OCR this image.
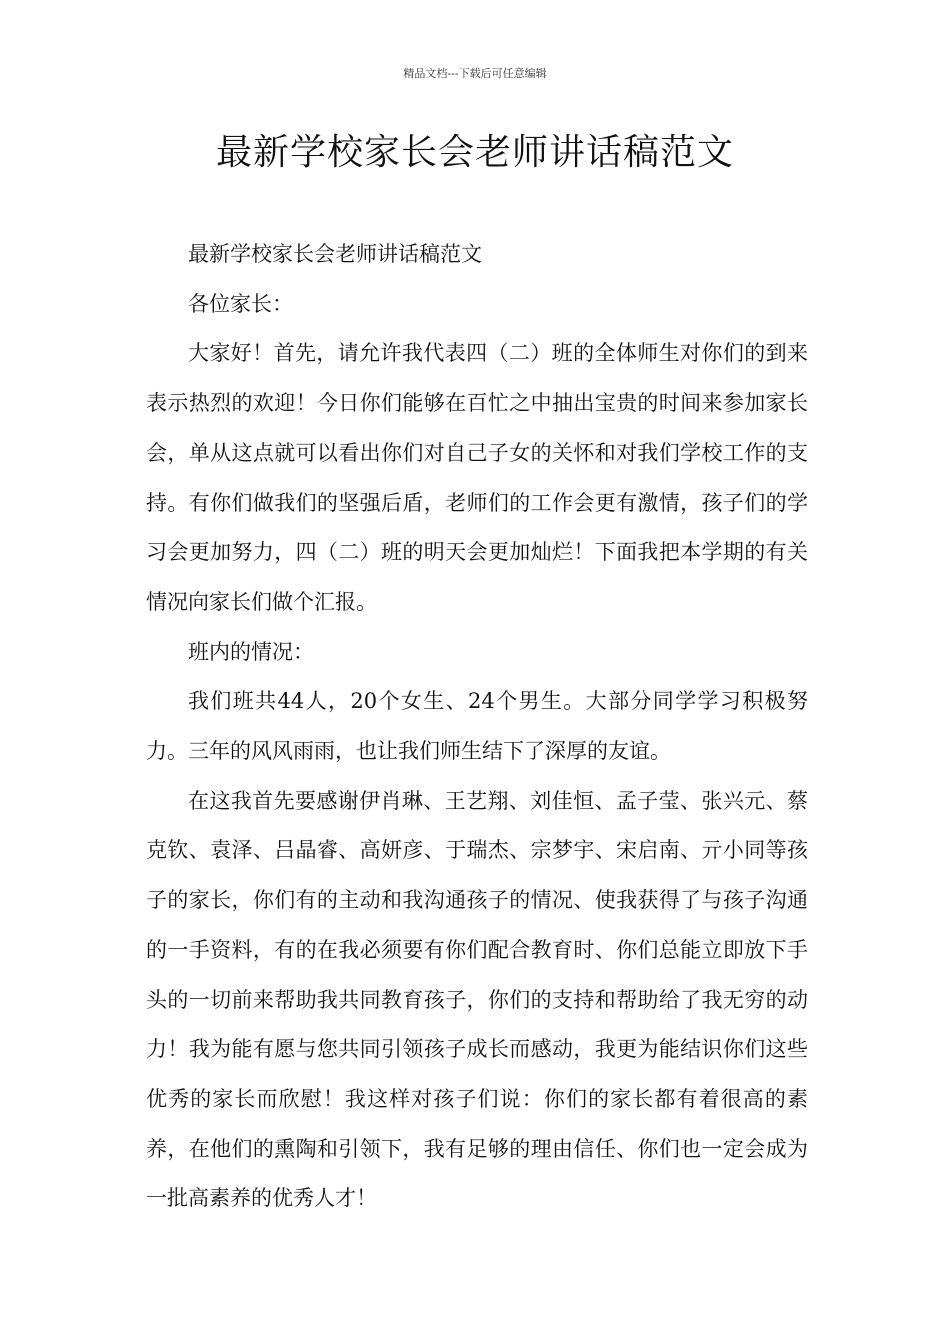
精品文档---下载后可任意编辑
最新学校家长会老师讲话稿范文

最新学校家长会老师讲话稿范文

各位家长：

大家好！首先，请允许我代表四（二）班的全体师生对你们的到来表示热烈的欢迎！今日你们能够在百忙之中抽出宝贵的时间来参加家长会，单从这点就可以看出你们对自己子女的关怀和对我们学校工作的支持。有你们做我们的坚强后盾，老师们的工作会更有激情，孩子们的学习会更加努力，四（二）班的明天会更加灿烂！下面我把本学期的有关情况向家长们做个汇报。

班内的情况：

我们班共44人，20个女生、24个男生。大部分同学学习积极努力。三年的风风雨雨，也让我们师生结下了深厚的友谊。

在这我首先要感谢伊肖琳、王艺翔、刘佳恒、孟子莹、张兴元、蔡克钦、袁泽、吕晶睿、高妍彦、于瑞杰、宗梦宇、宋启南、亓小同等孩子的家长，你们有的主动和我沟通孩子的情况、使我获得了与孩子沟通的一手资料，有的在我必须要有你们配合教育时、你们总能立即放下手头的一切前来帮助我共同教育孩子，你们的支持和帮助给了我无穷的动力！我为能有愿与您共同引领孩子成长而感动，我更为能结识你们这些优秀的家长而欣慰！我这样对孩子们说：你们的家长都有着很高的素养，在他们的熏陶和引领下，我有足够的理由信任、你们也一定会成为一批高素养的优秀人才！
